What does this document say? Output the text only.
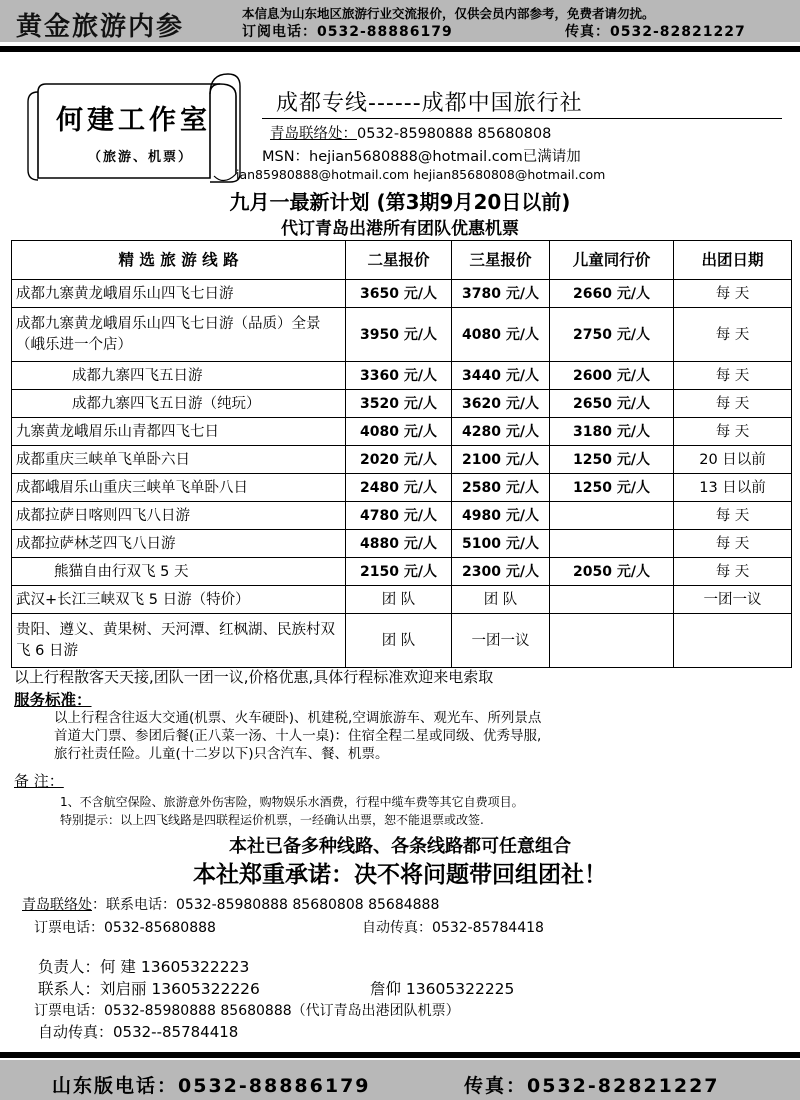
黄金旅游内参	本信息为山东地区旅游行业交流报价，仅供会员内部参考，免费者请勿扰。
订阅电话：0532-88886179	传真：0532-82821227
何建工作室
（旅游、机票）
成都专线------成都中国旅行社
青岛联络处：0532-85980888 85680808
MSN：hejian5680888@hotmail.com已满请加
ian85980888@hotmail.com hejian85680808@hotmail.com
九月一最新计划 (第3期9月20日以前)
代订青岛出港所有团队优惠机票
精 选 旅 游 线 路	二星报价	三星报价	儿童同行价	出团日期
成都九寨黄龙峨眉乐山四飞七日游	3650 元/人	3780 元/人	2660 元/人	每 天
成都九寨黄龙峨眉乐山四飞七日游（品质）全景（峨乐进一个店）	3950 元/人	4080 元/人	2750 元/人	每 天
成都九寨四飞五日游	3360 元/人	3440 元/人	2600 元/人	每 天
成都九寨四飞五日游（纯玩）	3520 元/人	3620 元/人	2650 元/人	每 天
九寨黄龙峨眉乐山青都四飞七日	4080 元/人	4280 元/人	3180 元/人	每 天
成都重庆三峡单飞单卧六日	2020 元/人	2100 元/人	1250 元/人	20 日以前
成都峨眉乐山重庆三峡单飞单卧八日	2480 元/人	2580 元/人	1250 元/人	13 日以前
成都拉萨日喀则四飞八日游	4780 元/人	4980 元/人		每 天
成都拉萨林芝四飞八日游	4880 元/人	5100 元/人		每 天
熊猫自由行双飞 5 天	2150 元/人	2300 元/人	2050 元/人	每 天
武汉+长江三峡双飞 5 日游（特价）	团 队	团 队		一团一议
贵阳、遵义、黄果树、天河潭、红枫湖、民族村双飞 6 日游	团 队	一团一议		
以上行程散客天天接,团队一团一议,价格优惠,具体行程标准欢迎来电索取
服务标准：
以上行程含往返大交通(机票、火车硬卧)、机建税,空调旅游车、观光车、所列景点
首道大门票、参团后餐(正八菜一汤、十人一桌)：住宿全程二星或同级、优秀导服,
旅行社责任险。儿童(十二岁以下)只含汽车、餐、机票。
备 注：
1、不含航空保险、旅游意外伤害险，购物娱乐水酒费，行程中缆车费等其它自费项目。
特别提示：以上四飞线路是四联程运价机票，一经确认出票，恕不能退票或改签.
本社已备多种线路、各条线路都可任意组合
本社郑重承诺：决不将问题带回组团社！
青岛联络处：联系电话：0532-85980888 85680808 85684888
订票电话：0532-85680888	自动传真：0532-85784418
负责人：何 建 13605322223
联系人：刘启丽 13605322226	詹仰 13605322225
订票电话：0532-85980888 85680888（代订青岛出港团队机票）
自动传真：0532--85784418
山东版电话：0532-88886179	传真：0532-82821227
